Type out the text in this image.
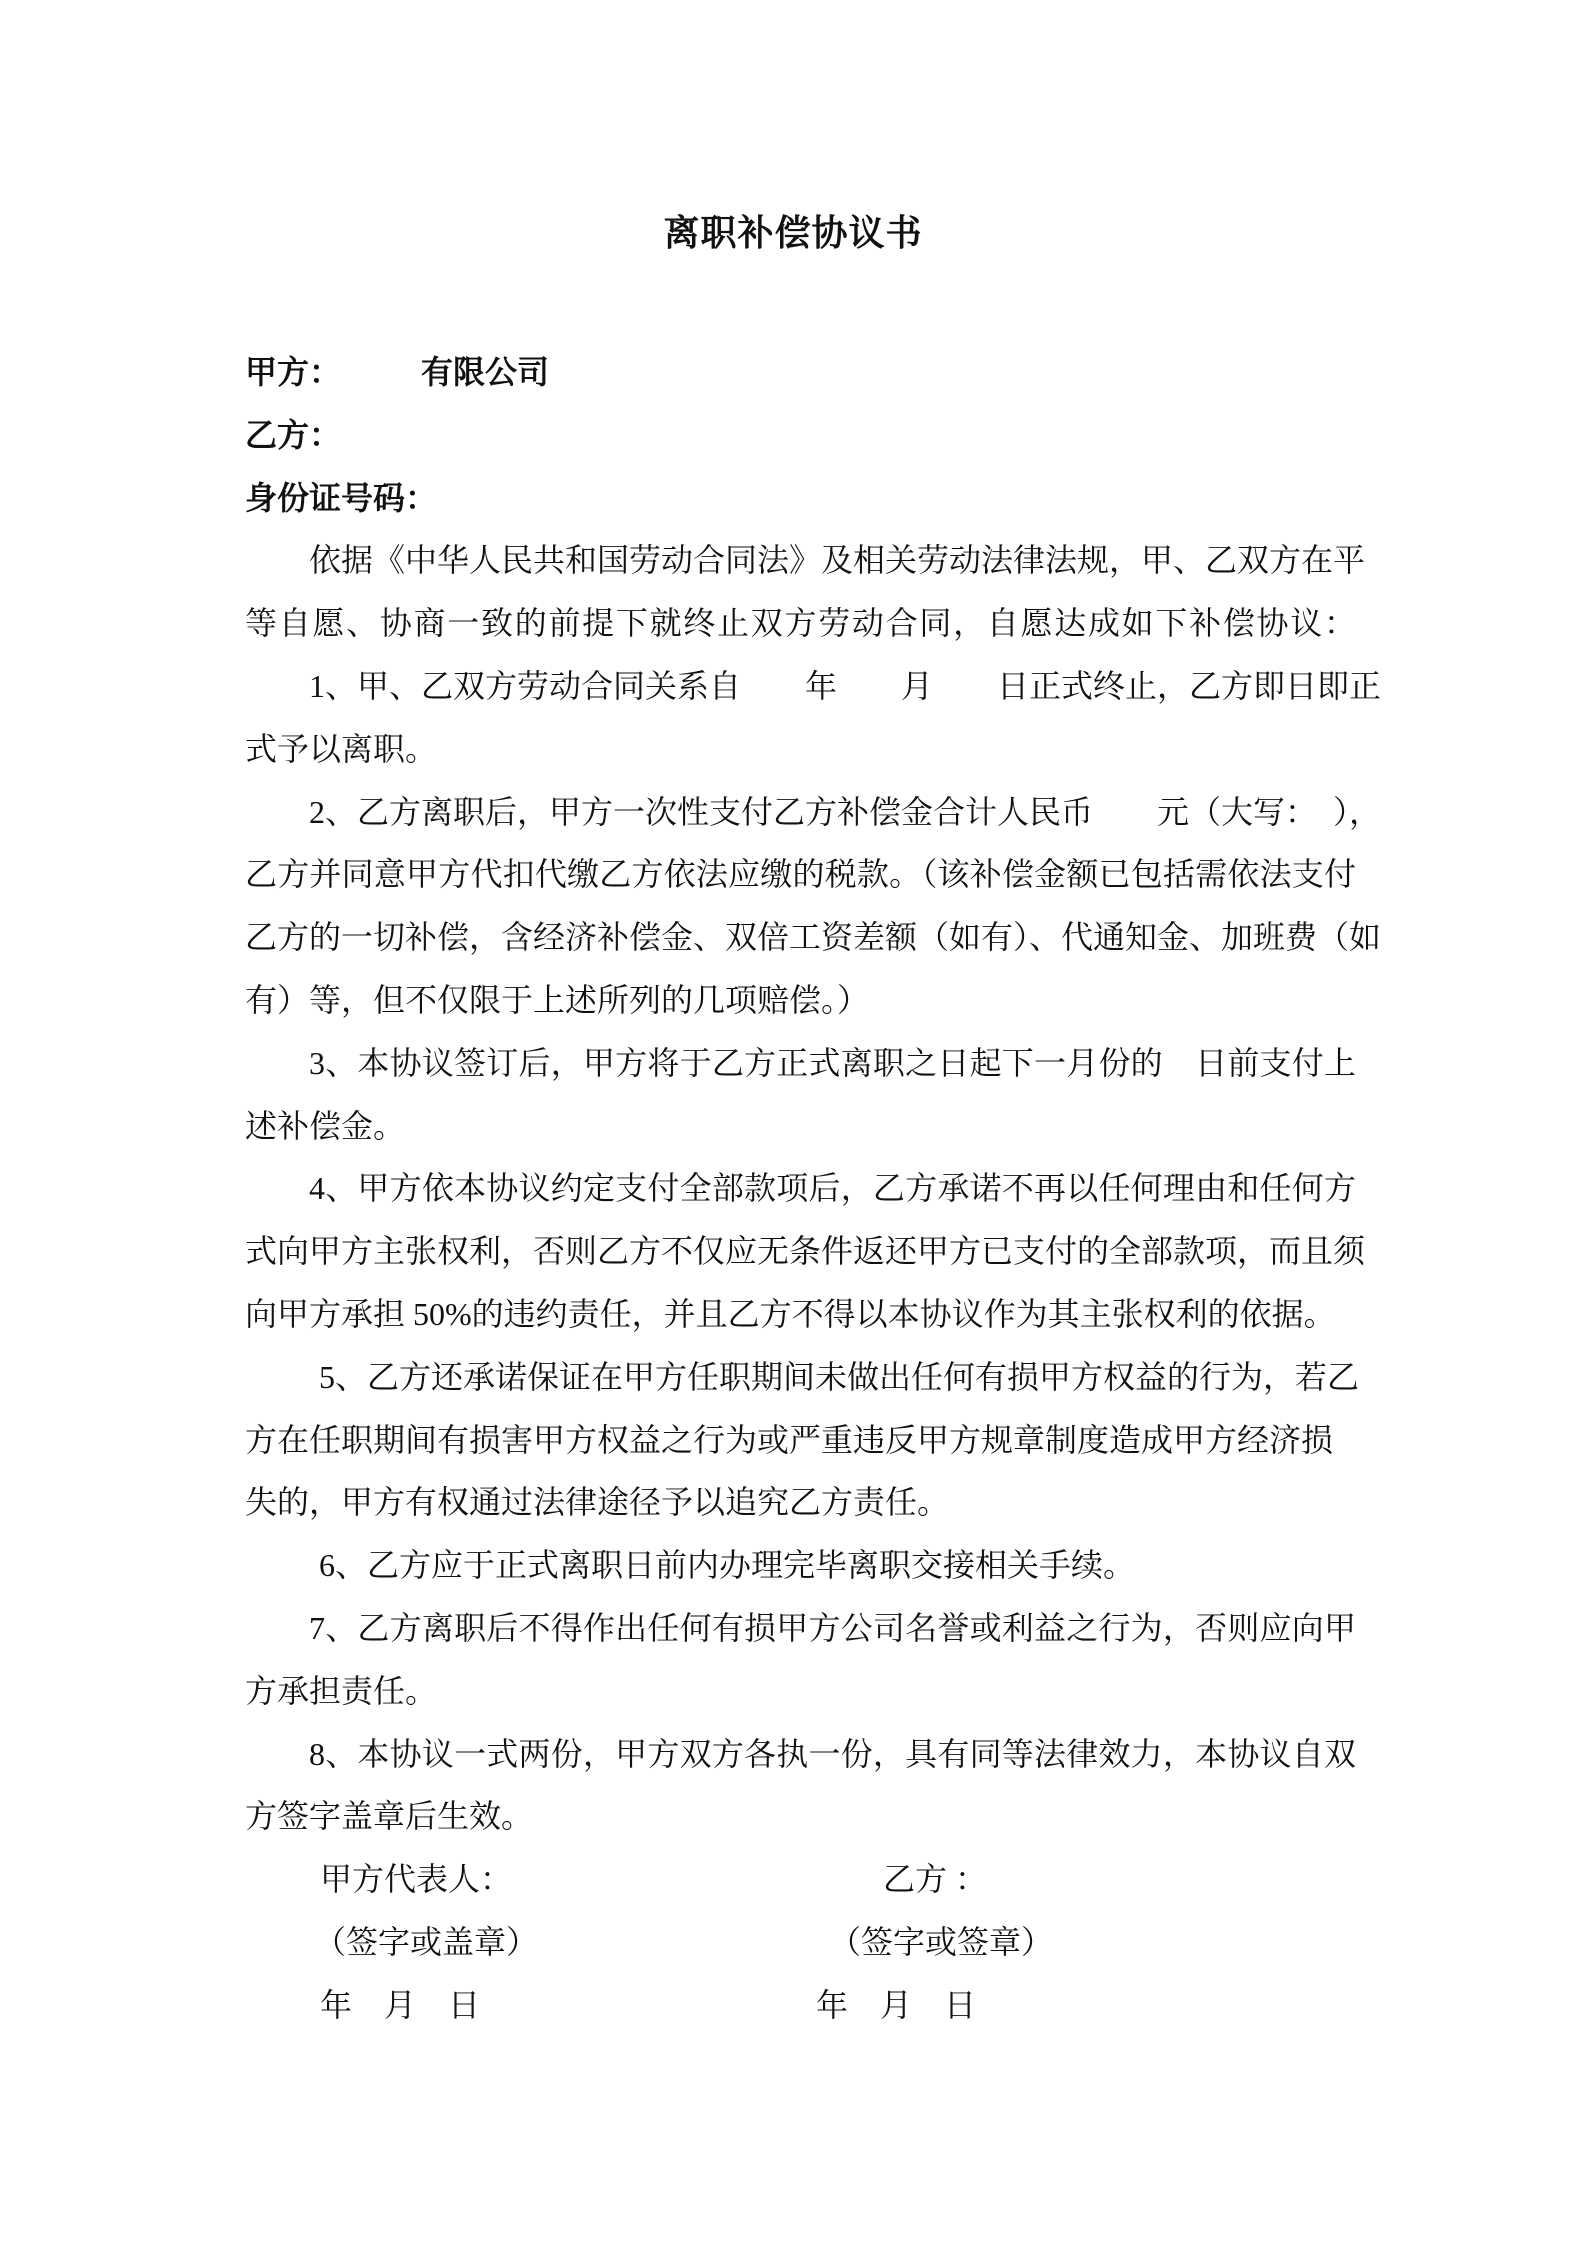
离职补偿协议书
甲方： 有限公司
乙方：
身份证号码：
依据《中华人民共和国劳动合同法》及相关劳动法律法规，甲、乙双方在平
等自愿、协商一致的前提下就终止双方劳动合同，自愿达成如下补偿协议：
1、甲、乙双方劳动合同关系自　　年　　月　　日正式终止，乙方即日即正
式予以离职。
2、乙方离职后，甲方一次性支付乙方补偿金合计人民币　　元（大写：　），
乙方并同意甲方代扣代缴乙方依法应缴的税款。（该补偿金额已包括需依法支付
乙方的一切补偿，含经济补偿金、双倍工资差额（如有）、代通知金、加班费（如
有）等，但不仅限于上述所列的几项赔偿。）
3、本协议签订后，甲方将于乙方正式离职之日起下一月份的　日前支付上
述补偿金。
4、甲方依本协议约定支付全部款项后，乙方承诺不再以任何理由和任何方
式向甲方主张权利，否则乙方不仅应无条件返还甲方已支付的全部款项，而且须
向甲方承担 50%的违约责任，并且乙方不得以本协议作为其主张权利的依据。
5、乙方还承诺保证在甲方任职期间未做出任何有损甲方权益的行为，若乙
方在任职期间有损害甲方权益之行为或严重违反甲方规章制度造成甲方经济损
失的，甲方有权通过法律途径予以追究乙方责任。
6、乙方应于正式离职日前内办理完毕离职交接相关手续。
7、乙方离职后不得作出任何有损甲方公司名誉或利益之行为，否则应向甲
方承担责任。
8、本协议一式两份，甲方双方各执一份，具有同等法律效力，本协议自双
方签字盖章后生效。
甲方代表人：	乙方 ：
（签字或盖章）	（签字或签章）
年　月　日	年　月　日
